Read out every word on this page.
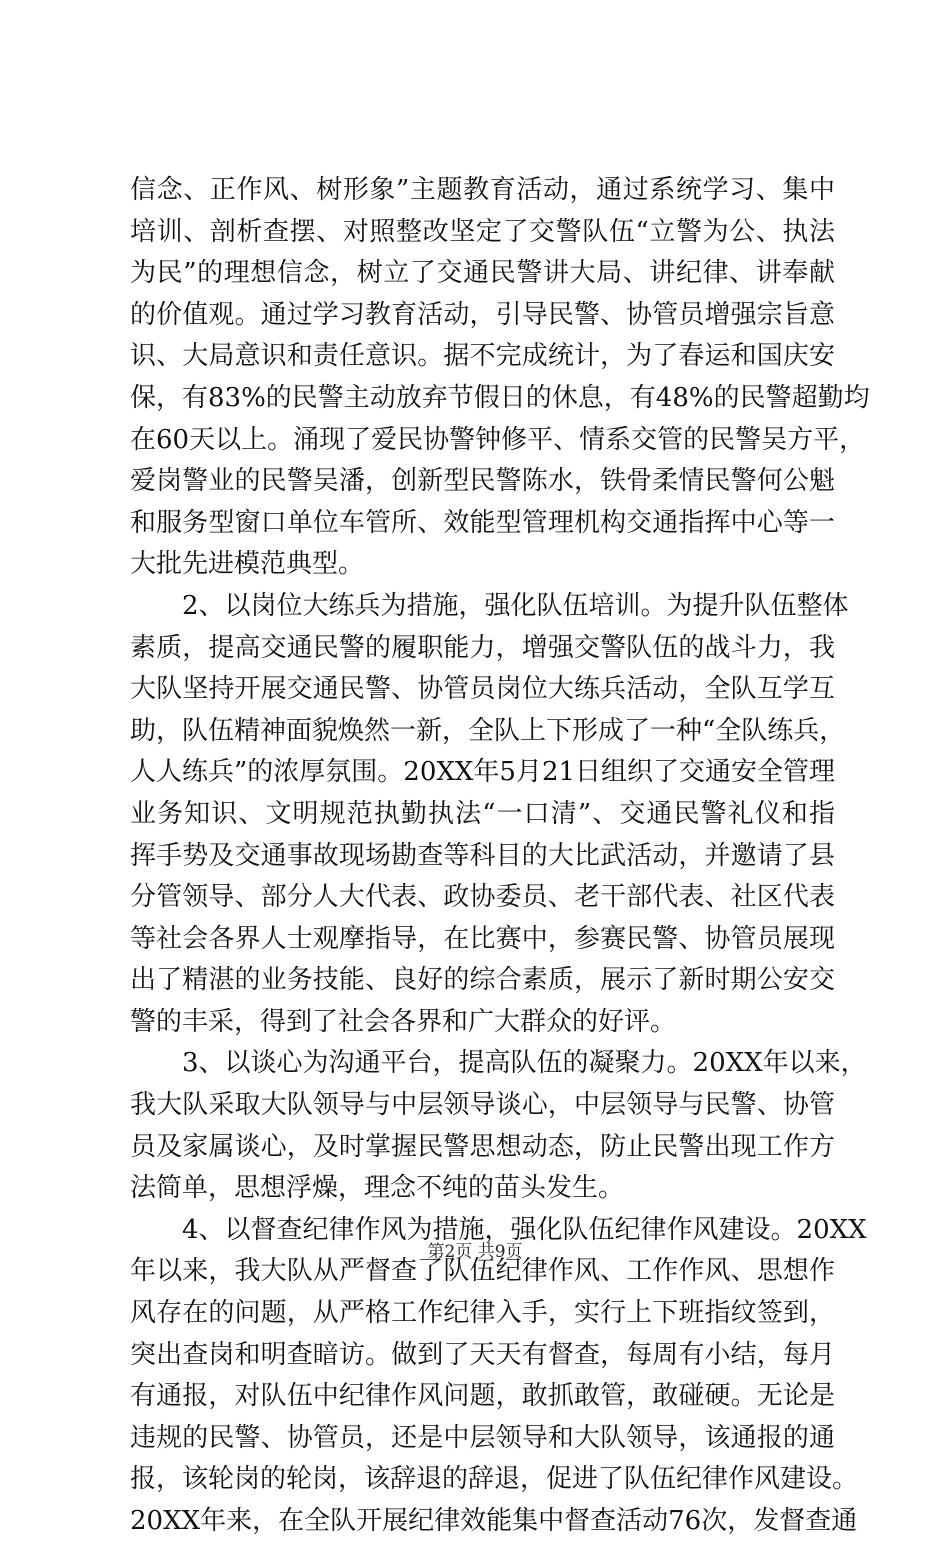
信念、正作风、树形象”主题教育活动，通过系统学习、集中
培训、剖析查摆、对照整改坚定了交警队伍“立警为公、执法
为民”的理想信念，树立了交通民警讲大局、讲纪律、讲奉献
的价值观。通过学习教育活动，引导民警、协管员增强宗旨意
识、大局意识和责任意识。据不完成统计，为了春运和国庆安
保，有83%的民警主动放弃节假日的休息，有48%的民警超勤均
在60天以上。涌现了爱民协警钟修平、情系交管的民警吴方平，
爱岗警业的民警吴潘，创新型民警陈水，铁骨柔情民警何公魁
和服务型窗口单位车管所、效能型管理机构交通指挥中心等一
大批先进模范典型。
2、以岗位大练兵为措施，强化队伍培训。为提升队伍整体
素质，提高交通民警的履职能力，增强交警队伍的战斗力，我
大队坚持开展交通民警、协管员岗位大练兵活动，全队互学互
助，队伍精神面貌焕然一新，全队上下形成了一种“全队练兵，
人人练兵”的浓厚氛围。20XX年5月21日组织了交通安全管理
业务知识、文明规范执勤执法“一口清”、交通民警礼仪和指
挥手势及交通事故现场勘查等科目的大比武活动，并邀请了县
分管领导、部分人大代表、政协委员、老干部代表、社区代表
等社会各界人士观摩指导，在比赛中，参赛民警、协管员展现
出了精湛的业务技能、良好的综合素质，展示了新时期公安交
警的丰采，得到了社会各界和广大群众的好评。
3、以谈心为沟通平台，提高队伍的凝聚力。20XX年以来，
我大队采取大队领导与中层领导谈心，中层领导与民警、协管
员及家属谈心，及时掌握民警思想动态，防止民警出现工作方
法简单，思想浮燥，理念不纯的苗头发生。
4、以督查纪律作风为措施，强化队伍纪律作风建设。20XX
年以来，我大队从严督查了队伍纪律作风、工作作风、思想作
风存在的问题，从严格工作纪律入手，实行上下班指纹签到，
突出查岗和明查暗访。做到了天天有督查，每周有小结，每月
有通报，对队伍中纪律作风问题，敢抓敢管，敢碰硬。无论是
违规的民警、协管员，还是中层领导和大队领导，该通报的通
报，该轮岗的轮岗，该辞退的辞退，促进了队伍纪律作风建设。
20XX年来，在全队开展纪律效能集中督查活动76次，发督查通
第2页 共9页
